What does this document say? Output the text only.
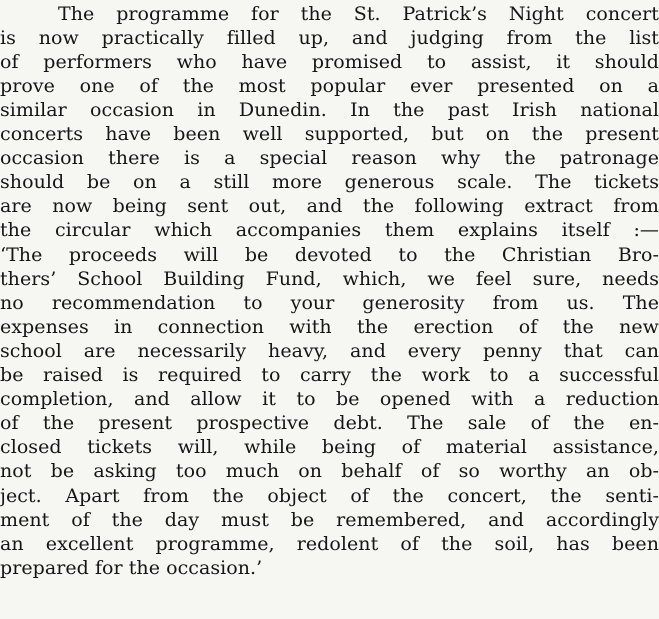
The programme for the St. Patrick’s Night concert
is now practically filled up, and judging from the list
of performers who have promised to assist, it should
prove one of the most popular ever presented on a
similar occasion in Dunedin. In the past Irish national
concerts have been well supported, but on the present
occasion there is a special reason why the patronage
should be on a still more generous scale. The tickets
are now being sent out, and the following extract from
the circular which accompanies them explains itself :—
‘The proceeds will be devoted to the Christian Bro-
thers’ School Building Fund, which, we feel sure, needs
no recommendation to your generosity from us. The
expenses in connection with the erection of the new
school are necessarily heavy, and every penny that can
be raised is required to carry the work to a successful
completion, and allow it to be opened with a reduction
of the present prospective debt. The sale of the en-
closed tickets will, while being of material assistance,
not be asking too much on behalf of so worthy an ob-
ject. Apart from the object of the concert, the senti-
ment of the day must be remembered, and accordingly
an excellent programme, redolent of the soil, has been
prepared for the occasion.’
